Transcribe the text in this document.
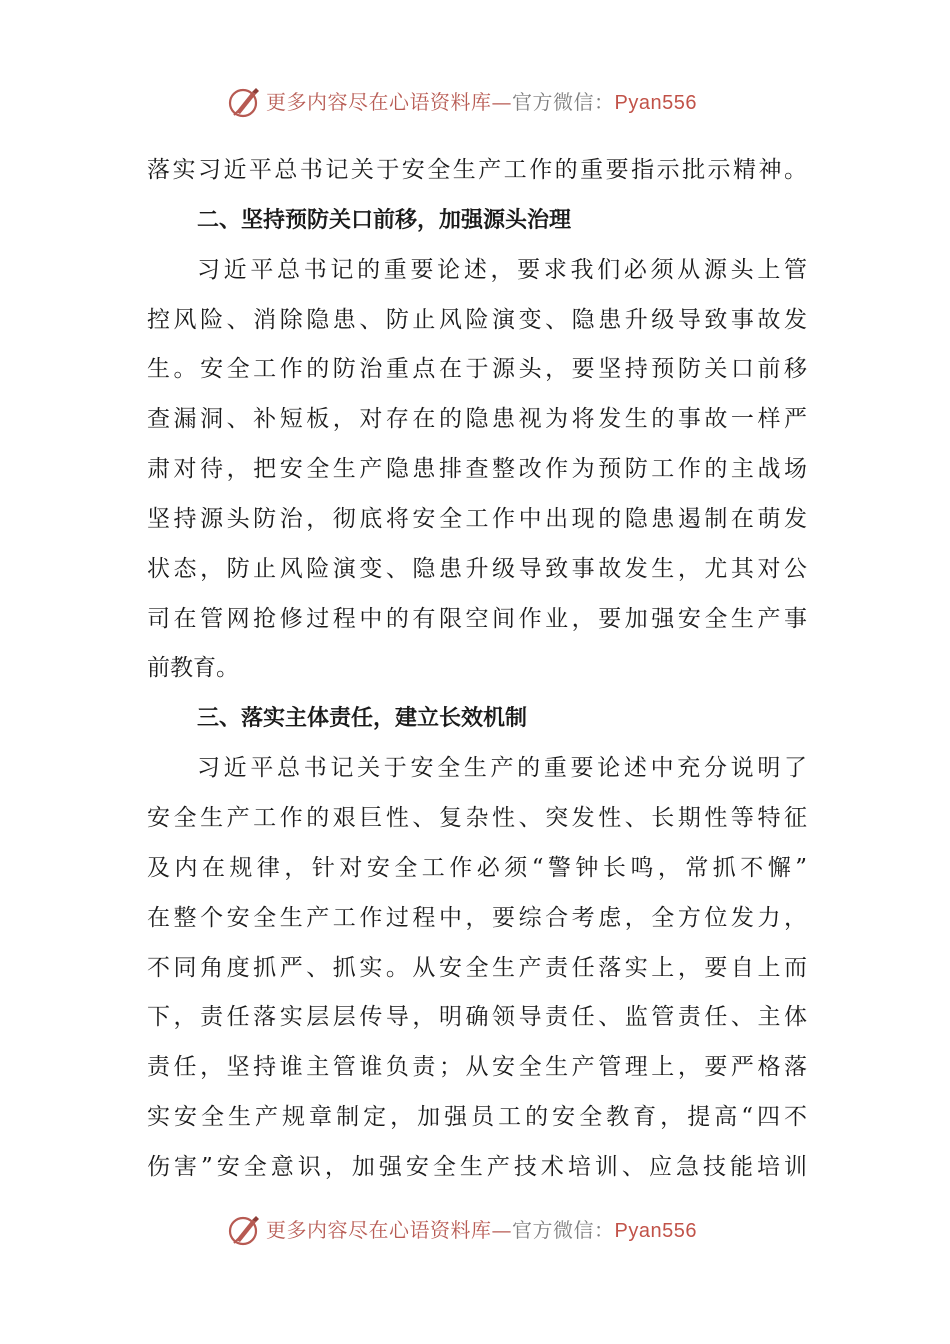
更多内容尽在心语资料库—官方微信：Pyan556
落实习近平总书记关于安全生产工作的重要指示批示精神。
二、坚持预防关口前移，加强源头治理
习近平总书记的重要论述，要求我们必须从源头上管
控风险、消除隐患、防止风险演变、隐患升级导致事故发
生。安全工作的防治重点在于源头，要坚持预防关口前移
查漏洞、补短板，对存在的隐患视为将发生的事故一样严
肃对待，把安全生产隐患排查整改作为预防工作的主战场
坚持源头防治，彻底将安全工作中出现的隐患遏制在萌发
状态，防止风险演变、隐患升级导致事故发生，尤其对公
司在管网抢修过程中的有限空间作业，要加强安全生产事
前教育。
三、落实主体责任，建立长效机制
习近平总书记关于安全生产的重要论述中充分说明了
安全生产工作的艰巨性、复杂性、突发性、长期性等特征
及内在规律，针对安全工作必须“警钟长鸣，常抓不懈”
在整个安全生产工作过程中，要综合考虑，全方位发力，
不同角度抓严、抓实。从安全生产责任落实上，要自上而
下，责任落实层层传导，明确领导责任、监管责任、主体
责任，坚持谁主管谁负责；从安全生产管理上，要严格落
实安全生产规章制定，加强员工的安全教育，提高“四不
伤害”安全意识，加强安全生产技术培训、应急技能培训
更多内容尽在心语资料库—官方微信：Pyan556
